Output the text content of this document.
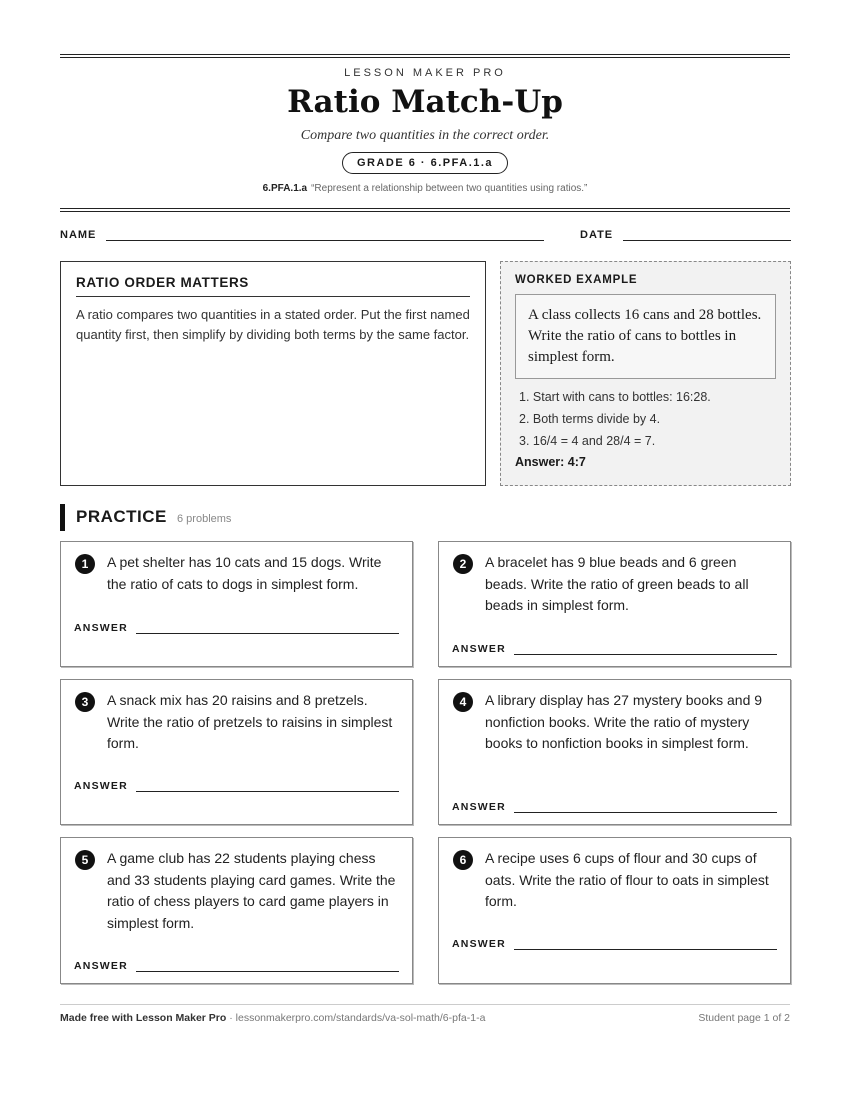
LESSON MAKER PRO
Ratio Match-Up
Compare two quantities in the correct order.
GRADE 6 · 6.PFA.1.a
6.PFA.1.a “Represent a relationship between two quantities using ratios.”
NAME	DATE
RATIO ORDER MATTERS
A ratio compares two quantities in a stated order. Put the first named quantity first, then simplify by dividing both terms by the same factor.
WORKED EXAMPLE
A class collects 16 cans and 28 bottles. Write the ratio of cans to bottles in simplest form.
1. Start with cans to bottles: 16:28.
2. Both terms divide by 4.
3. 16/4 = 4 and 28/4 = 7.
Answer: 4:7
PRACTICE 6 problems
1	A pet shelter has 10 cats and 15 dogs. Write the ratio of cats to dogs in simplest form.
ANSWER
2	A bracelet has 9 blue beads and 6 green beads. Write the ratio of green beads to all beads in simplest form.
ANSWER
3	A snack mix has 20 raisins and 8 pretzels. Write the ratio of pretzels to raisins in simplest form.
ANSWER
4	A library display has 27 mystery books and 9 nonfiction books. Write the ratio of mystery books to nonfiction books in simplest form.
ANSWER
5	A game club has 22 students playing chess and 33 students playing card games. Write the ratio of chess players to card game players in simplest form.
ANSWER
6	A recipe uses 6 cups of flour and 30 cups of oats. Write the ratio of flour to oats in simplest form.
ANSWER
Made free with Lesson Maker Pro · lessonmakerpro.com/standards/va-sol-math/6-pfa-1-a	Student page 1 of 2
